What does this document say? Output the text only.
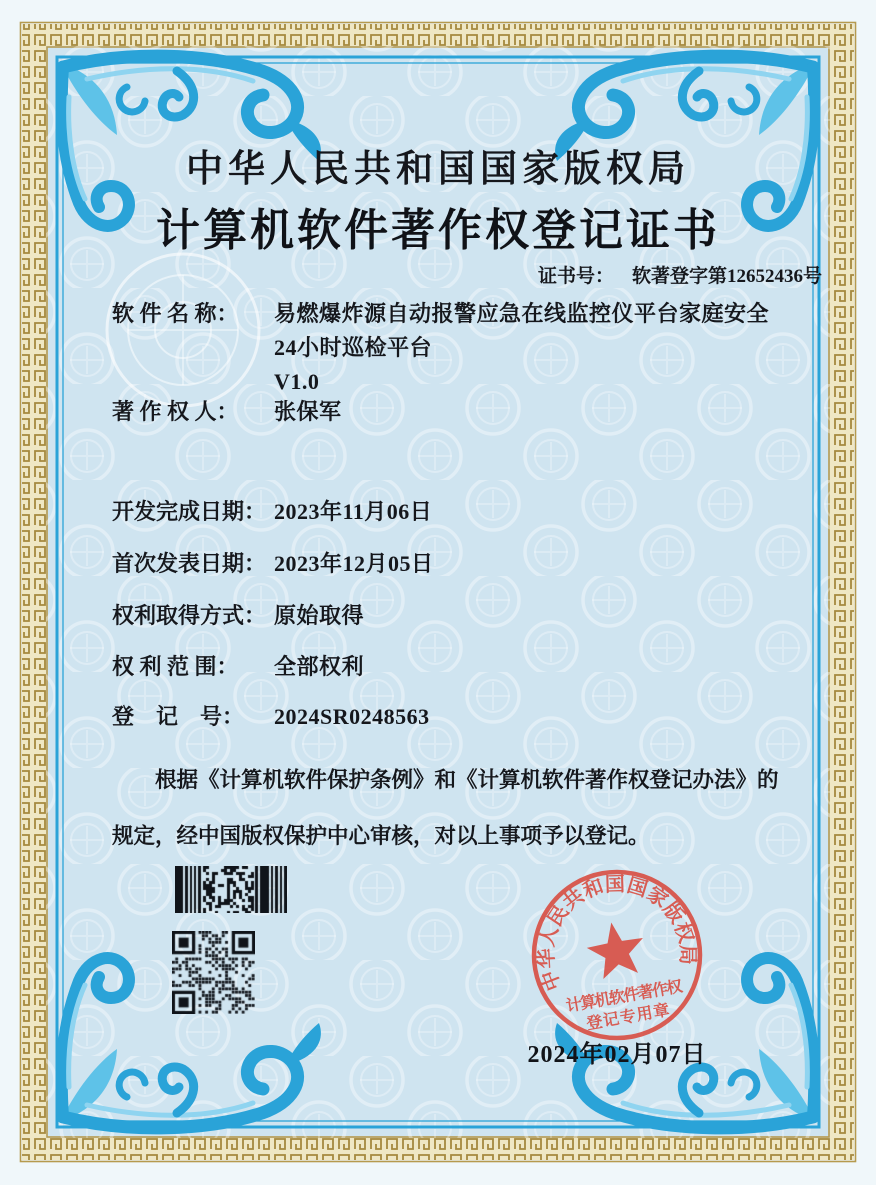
中华人民共和国国家版权局
计算机软件著作权登记证书
证书号： 软著登字第12652436号
软 件 名 称：	易燃爆炸源自动报警应急在线监控仪平台家庭安全
24小时巡检平台
V1.0
著 作 权 人：	张保军
开发完成日期： 2023年11月06日
首次发表日期： 2023年12月05日
权利取得方式： 原始取得
权 利 范 围：	全部权利
登　记　号：	2024SR0248563
根据《计算机软件保护条例》和《计算机软件著作权登记办法》的
规定，经中国版权保护中心审核，对以上事项予以登记。
中华人民共和国国家版权局
计算机软件著作权
登记专用章
2024年02月07日
